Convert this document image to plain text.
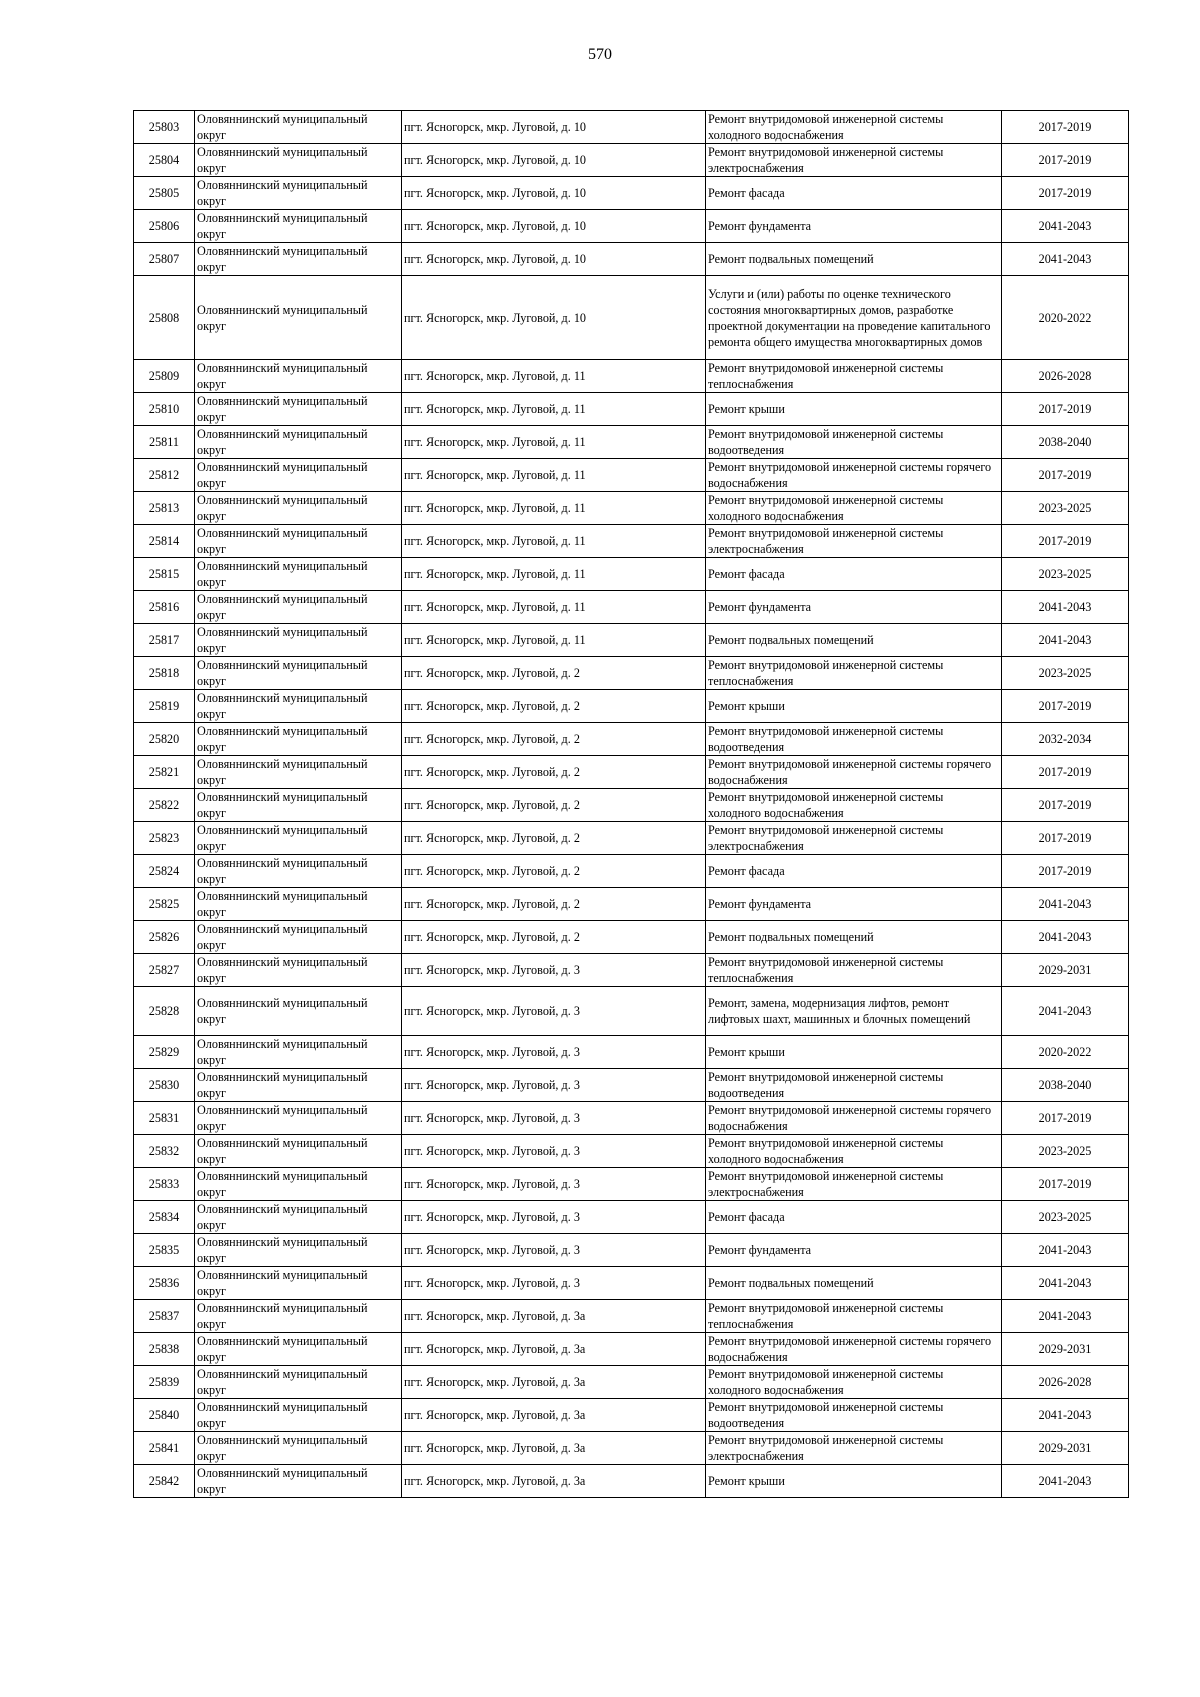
570
25803	Оловяннинский муниципальный округ	пгт. Ясногорск, мкр. Луговой, д. 10	Ремонт внутридомовой инженерной системы холодного водоснабжения	2017-2019
25804	Оловяннинский муниципальный округ	пгт. Ясногорск, мкр. Луговой, д. 10	Ремонт внутридомовой инженерной системы электроснабжения	2017-2019
25805	Оловяннинский муниципальный округ	пгт. Ясногорск, мкр. Луговой, д. 10	Ремонт фасада	2017-2019
25806	Оловяннинский муниципальный округ	пгт. Ясногорск, мкр. Луговой, д. 10	Ремонт фундамента	2041-2043
25807	Оловяннинский муниципальный округ	пгт. Ясногорск, мкр. Луговой, д. 10	Ремонт подвальных помещений	2041-2043
25808	Оловяннинский муниципальный округ	пгт. Ясногорск, мкр. Луговой, д. 10	Услуги и (или) работы по оценке технического состояния многоквартирных домов, разработке проектной документации на проведение капитального ремонта общего имущества многоквартирных домов	2020-2022
25809	Оловяннинский муниципальный округ	пгт. Ясногорск, мкр. Луговой, д. 11	Ремонт внутридомовой инженерной системы теплоснабжения	2026-2028
25810	Оловяннинский муниципальный округ	пгт. Ясногорск, мкр. Луговой, д. 11	Ремонт крыши	2017-2019
25811	Оловяннинский муниципальный округ	пгт. Ясногорск, мкр. Луговой, д. 11	Ремонт внутридомовой инженерной системы водоотведения	2038-2040
25812	Оловяннинский муниципальный округ	пгт. Ясногорск, мкр. Луговой, д. 11	Ремонт внутридомовой инженерной системы горячего водоснабжения	2017-2019
25813	Оловяннинский муниципальный округ	пгт. Ясногорск, мкр. Луговой, д. 11	Ремонт внутридомовой инженерной системы холодного водоснабжения	2023-2025
25814	Оловяннинский муниципальный округ	пгт. Ясногорск, мкр. Луговой, д. 11	Ремонт внутридомовой инженерной системы электроснабжения	2017-2019
25815	Оловяннинский муниципальный округ	пгт. Ясногорск, мкр. Луговой, д. 11	Ремонт фасада	2023-2025
25816	Оловяннинский муниципальный округ	пгт. Ясногорск, мкр. Луговой, д. 11	Ремонт фундамента	2041-2043
25817	Оловяннинский муниципальный округ	пгт. Ясногорск, мкр. Луговой, д. 11	Ремонт подвальных помещений	2041-2043
25818	Оловяннинский муниципальный округ	пгт. Ясногорск, мкр. Луговой, д. 2	Ремонт внутридомовой инженерной системы теплоснабжения	2023-2025
25819	Оловяннинский муниципальный округ	пгт. Ясногорск, мкр. Луговой, д. 2	Ремонт крыши	2017-2019
25820	Оловяннинский муниципальный округ	пгт. Ясногорск, мкр. Луговой, д. 2	Ремонт внутридомовой инженерной системы водоотведения	2032-2034
25821	Оловяннинский муниципальный округ	пгт. Ясногорск, мкр. Луговой, д. 2	Ремонт внутридомовой инженерной системы горячего водоснабжения	2017-2019
25822	Оловяннинский муниципальный округ	пгт. Ясногорск, мкр. Луговой, д. 2	Ремонт внутридомовой инженерной системы холодного водоснабжения	2017-2019
25823	Оловяннинский муниципальный округ	пгт. Ясногорск, мкр. Луговой, д. 2	Ремонт внутридомовой инженерной системы электроснабжения	2017-2019
25824	Оловяннинский муниципальный округ	пгт. Ясногорск, мкр. Луговой, д. 2	Ремонт фасада	2017-2019
25825	Оловяннинский муниципальный округ	пгт. Ясногорск, мкр. Луговой, д. 2	Ремонт фундамента	2041-2043
25826	Оловяннинский муниципальный округ	пгт. Ясногорск, мкр. Луговой, д. 2	Ремонт подвальных помещений	2041-2043
25827	Оловяннинский муниципальный округ	пгт. Ясногорск, мкр. Луговой, д. 3	Ремонт внутридомовой инженерной системы теплоснабжения	2029-2031
25828	Оловяннинский муниципальный округ	пгт. Ясногорск, мкр. Луговой, д. 3	Ремонт, замена, модернизация лифтов, ремонт лифтовых шахт, машинных и блочных помещений	2041-2043
25829	Оловяннинский муниципальный округ	пгт. Ясногорск, мкр. Луговой, д. 3	Ремонт крыши	2020-2022
25830	Оловяннинский муниципальный округ	пгт. Ясногорск, мкр. Луговой, д. 3	Ремонт внутридомовой инженерной системы водоотведения	2038-2040
25831	Оловяннинский муниципальный округ	пгт. Ясногорск, мкр. Луговой, д. 3	Ремонт внутридомовой инженерной системы горячего водоснабжения	2017-2019
25832	Оловяннинский муниципальный округ	пгт. Ясногорск, мкр. Луговой, д. 3	Ремонт внутридомовой инженерной системы холодного водоснабжения	2023-2025
25833	Оловяннинский муниципальный округ	пгт. Ясногорск, мкр. Луговой, д. 3	Ремонт внутридомовой инженерной системы электроснабжения	2017-2019
25834	Оловяннинский муниципальный округ	пгт. Ясногорск, мкр. Луговой, д. 3	Ремонт фасада	2023-2025
25835	Оловяннинский муниципальный округ	пгт. Ясногорск, мкр. Луговой, д. 3	Ремонт фундамента	2041-2043
25836	Оловяннинский муниципальный округ	пгт. Ясногорск, мкр. Луговой, д. 3	Ремонт подвальных помещений	2041-2043
25837	Оловяннинский муниципальный округ	пгт. Ясногорск, мкр. Луговой, д. 3а	Ремонт внутридомовой инженерной системы теплоснабжения	2041-2043
25838	Оловяннинский муниципальный округ	пгт. Ясногорск, мкр. Луговой, д. 3а	Ремонт внутридомовой инженерной системы горячего водоснабжения	2029-2031
25839	Оловяннинский муниципальный округ	пгт. Ясногорск, мкр. Луговой, д. 3а	Ремонт внутридомовой инженерной системы холодного водоснабжения	2026-2028
25840	Оловяннинский муниципальный округ	пгт. Ясногорск, мкр. Луговой, д. 3а	Ремонт внутридомовой инженерной системы водоотведения	2041-2043
25841	Оловяннинский муниципальный округ	пгт. Ясногорск, мкр. Луговой, д. 3а	Ремонт внутридомовой инженерной системы электроснабжения	2029-2031
25842	Оловяннинский муниципальный округ	пгт. Ясногорск, мкр. Луговой, д. 3а	Ремонт крыши	2041-2043
